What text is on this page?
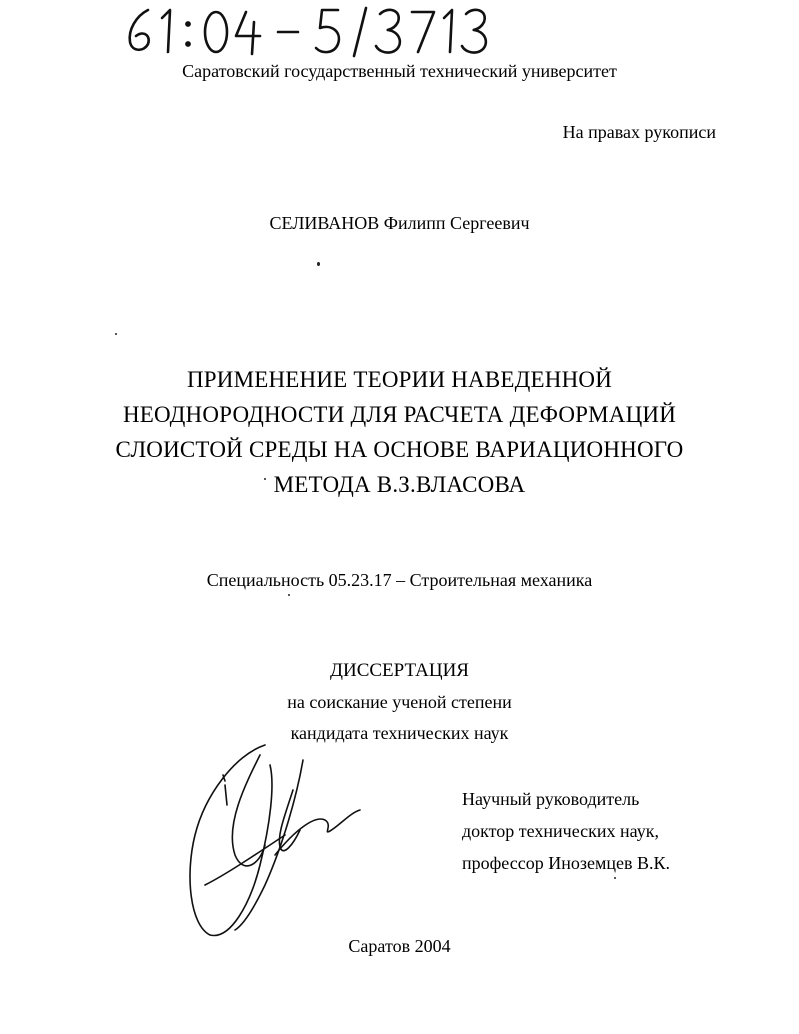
Саратовский государственный технический университет
На правах рукописи
СЕЛИВАНОВ Филипп Сергеевич
ПРИМЕНЕНИЕ ТЕОРИИ НАВЕДЕННОЙ
НЕОДНОРОДНОСТИ ДЛЯ РАСЧЕТА ДЕФОРМАЦИЙ
СЛОИСТОЙ СРЕДЫ НА ОСНОВЕ ВАРИАЦИОННОГО
МЕТОДА В.З.ВЛАСОВА
Специальность 05.23.17 – Строительная механика
ДИССЕРТАЦИЯ
на соискание ученой степени
кандидата технических наук
Научный руководитель
доктор технических наук,
профессор Иноземцев В.К.
Саратов 2004
